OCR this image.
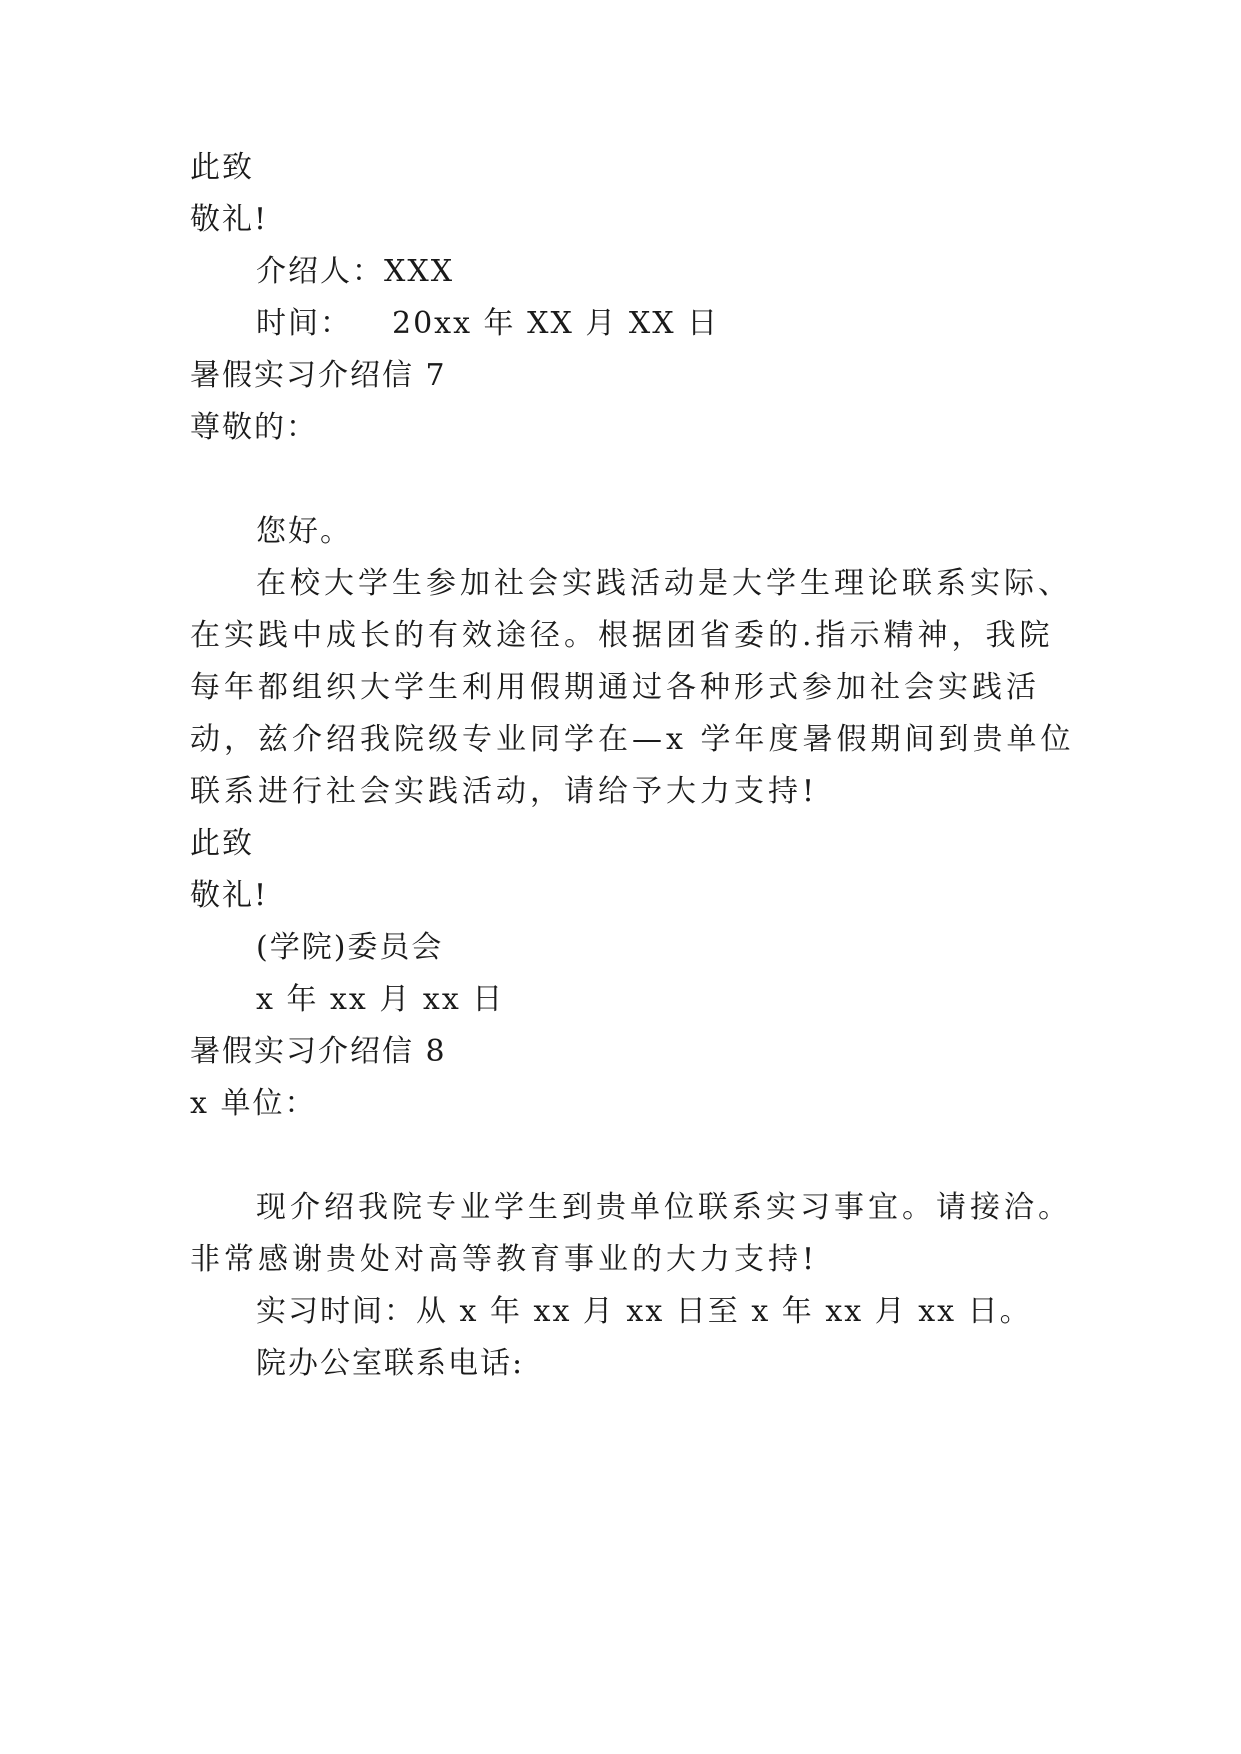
此致
敬礼!
介绍人：XXX
时间： 20xx 年 XX 月 XX 日
暑假实习介绍信 7
尊敬的：
您好。
在校大学生参加社会实践活动是大学生理论联系实际、
在实践中成长的有效途径。根据团省委的.指示精神，我院
每年都组织大学生利用假期通过各种形式参加社会实践活
动，兹介绍我院级专业同学在—x 学年度暑假期间到贵单位
联系进行社会实践活动，请给予大力支持!
此致
敬礼!
(学院)委员会
x 年 xx 月 xx 日
暑假实习介绍信 8
x 单位：
现介绍我院专业学生到贵单位联系实习事宜。请接洽。
非常感谢贵处对高等教育事业的大力支持!
实习时间：从 x 年 xx 月 xx 日至 x 年 xx 月 xx 日。
院办公室联系电话:
